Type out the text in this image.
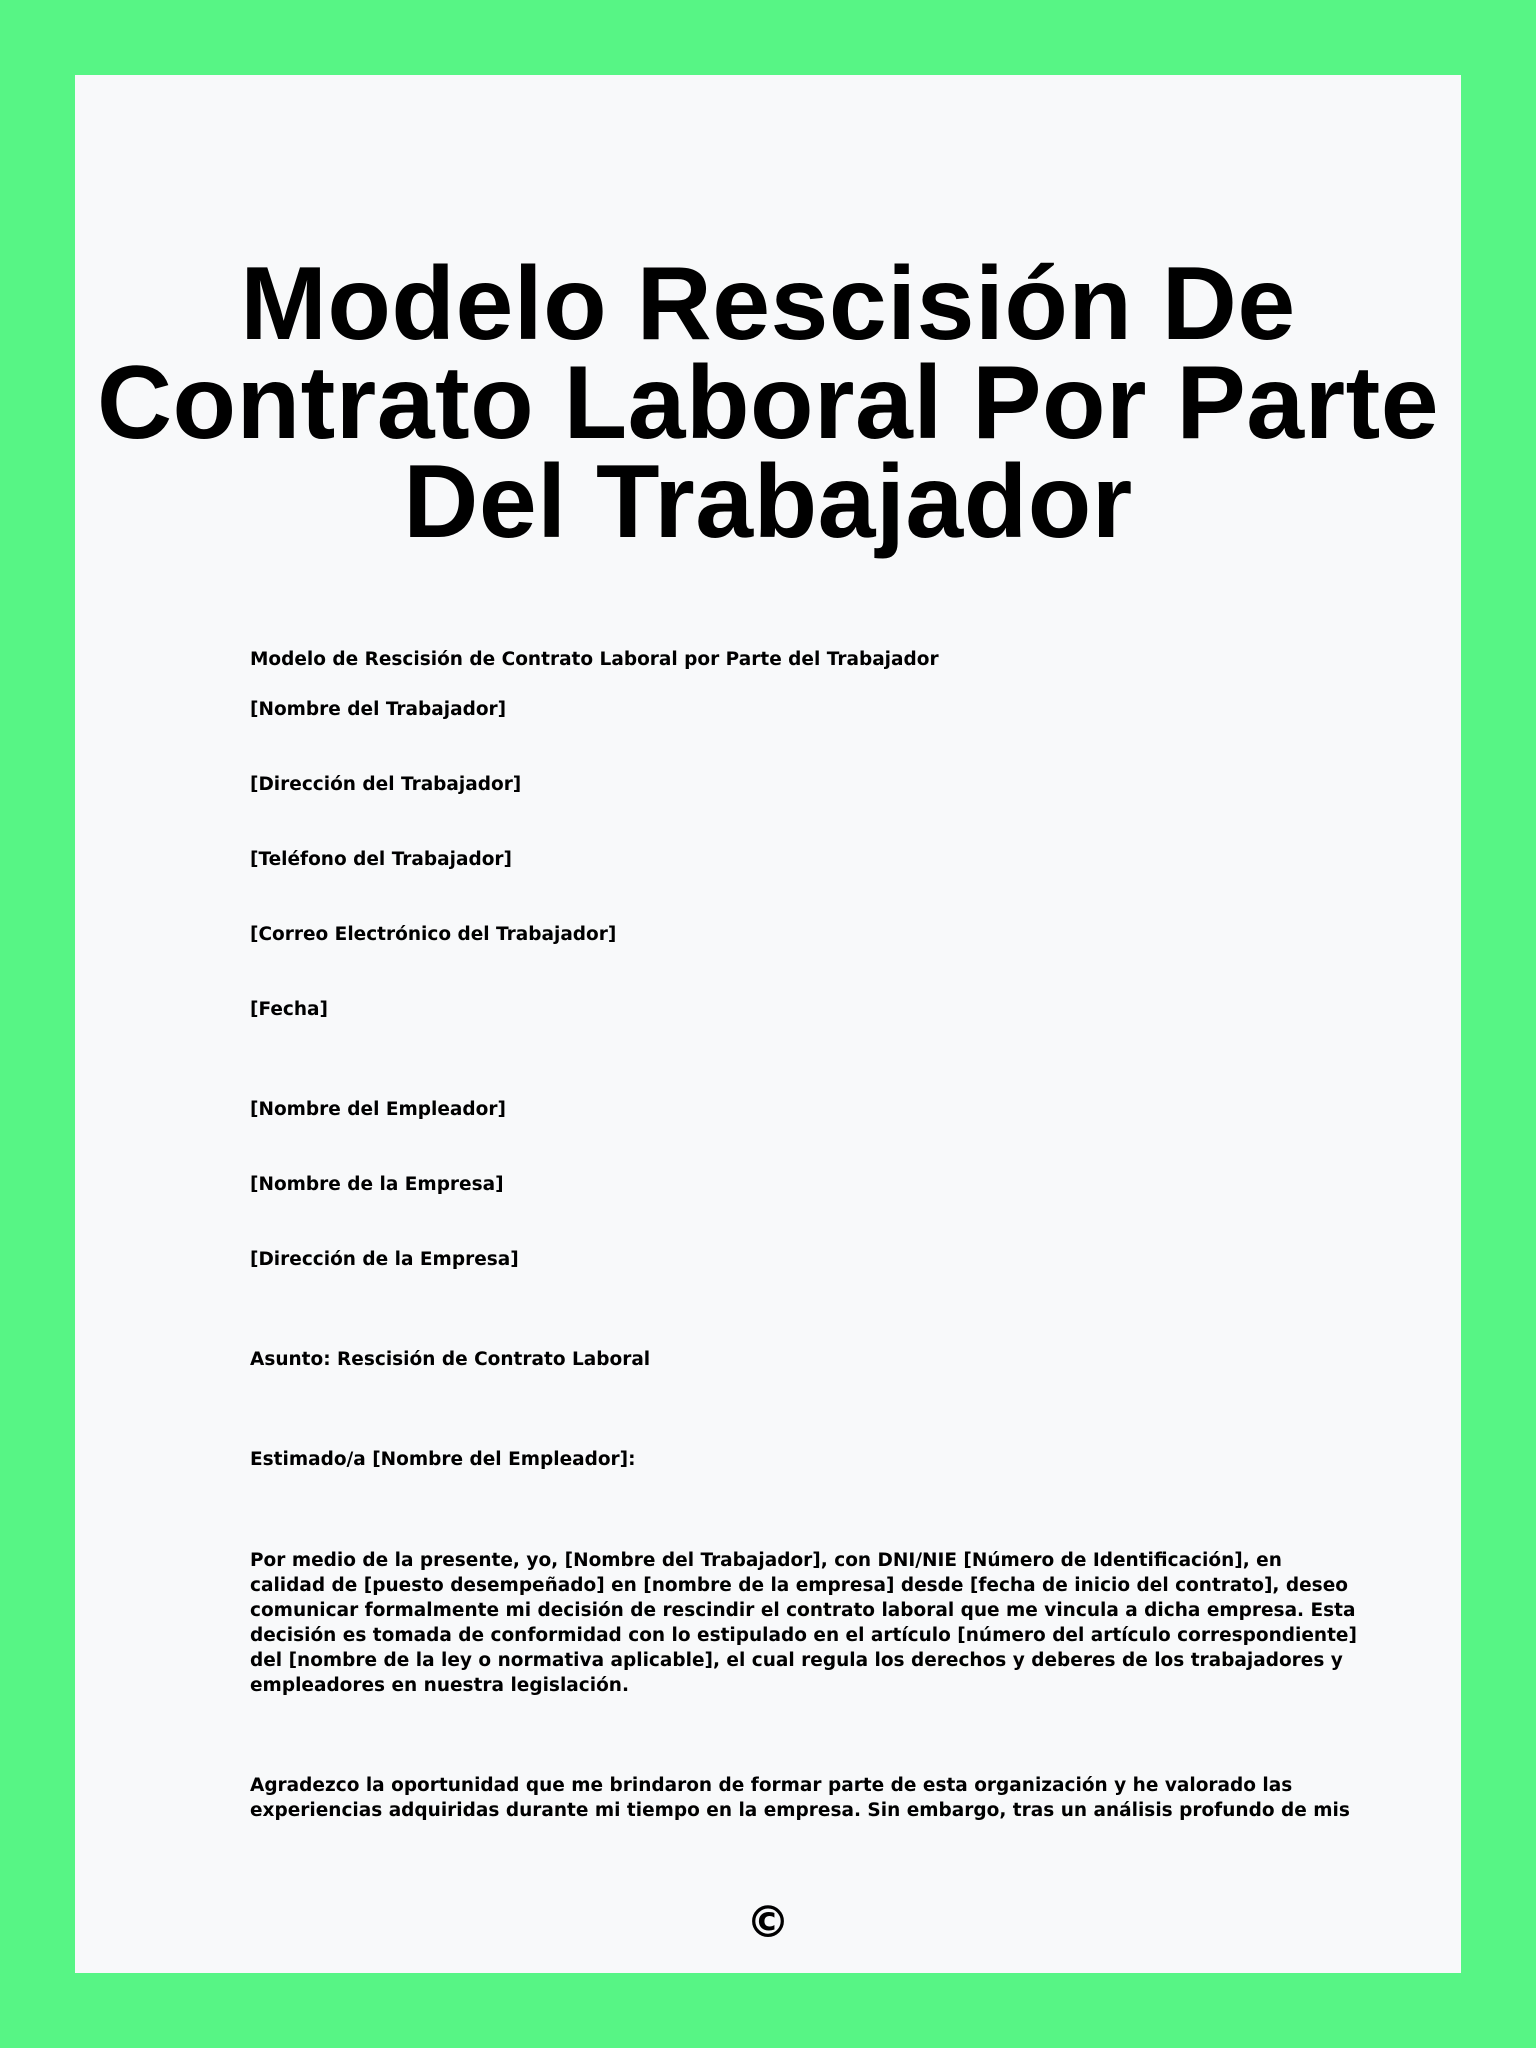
Modelo Rescisión De Contrato Laboral Por Parte Del Trabajador

Modelo de Rescisión de Contrato Laboral por Parte del Trabajador

[Nombre del Trabajador]

[Dirección del Trabajador]

[Teléfono del Trabajador]

[Correo Electrónico del Trabajador]

[Fecha]

[Nombre del Empleador]

[Nombre de la Empresa]

[Dirección de la Empresa]

Asunto: Rescisión de Contrato Laboral

Estimado/a [Nombre del Empleador]:

Por medio de la presente, yo, [Nombre del Trabajador], con DNI/NIE [Número de Identificación], en calidad de [puesto desempeñado] en [nombre de la empresa] desde [fecha de inicio del contrato], deseo comunicar formalmente mi decisión de rescindir el contrato laboral que me vincula a dicha empresa. Esta decisión es tomada de conformidad con lo estipulado en el artículo [número del artículo correspondiente] del [nombre de la ley o normativa aplicable], el cual regula los derechos y deberes de los trabajadores y empleadores en nuestra legislación.

Agradezco la oportunidad que me brindaron de formar parte de esta organización y he valorado las experiencias adquiridas durante mi tiempo en la empresa. Sin embargo, tras un análisis profundo de mis

©
